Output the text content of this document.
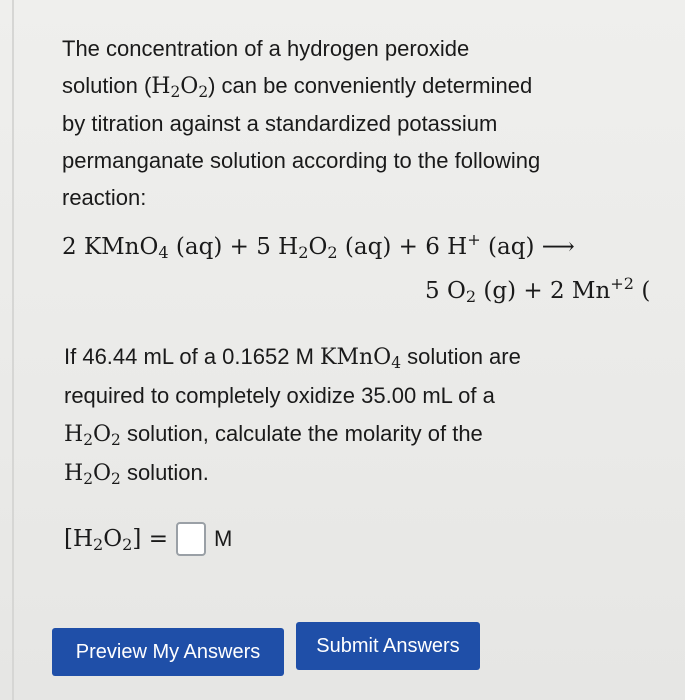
The concentration of a hydrogen peroxide
solution $(H_2O_2)$ can be conveniently determined
by titration against a standardized potassium
permanganate solution according to the following
reaction:
2 KMnO$_4$ (aq) + 5 $H_2O_2$ (aq) + 6 H+ (aq) ⟶
5 $O_2$ (g) + 2 $Mn^{+2}$ (
If 46.44 mL of a 0.1652 M KMnO$_4$ solution are
required to completely oxidize 35.00 mL of a
$H_2O_2$ solution, calculate the molarity of the
$H_2O_2$ solution.
$[H_2O_2] = M$
Preview My Answers	Submit Answers
